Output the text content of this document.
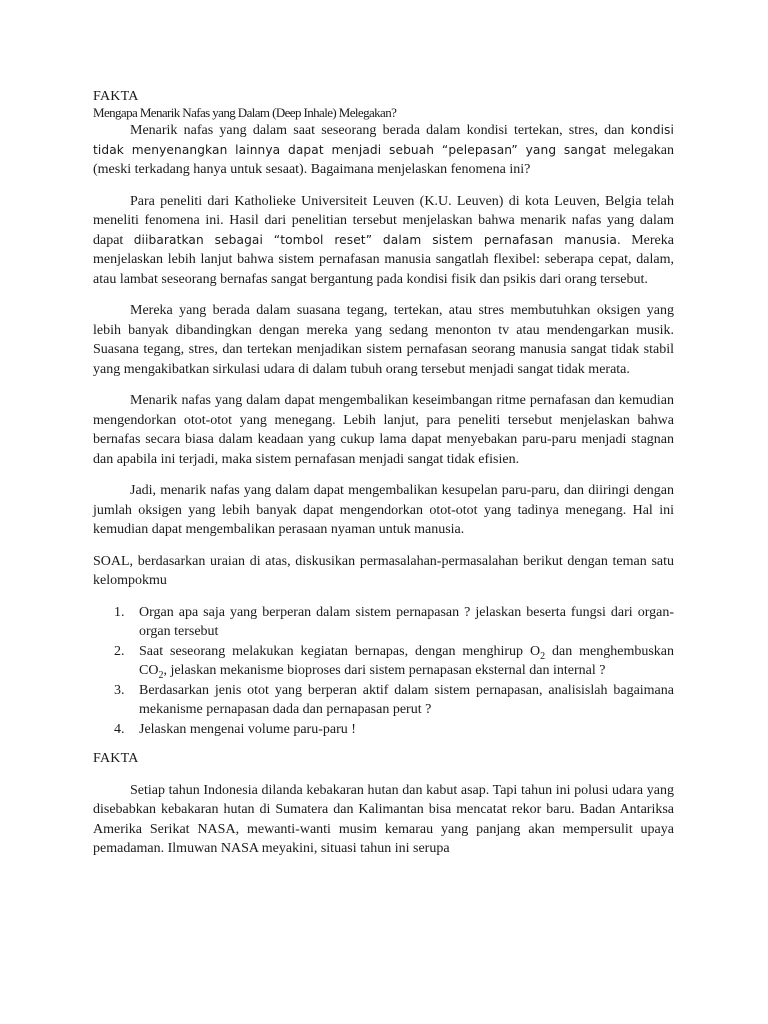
FAKTA

Mengapa Menarik Nafas yang Dalam (Deep Inhale) Melegakan?

Menarik nafas yang dalam saat seseorang berada dalam kondisi tertekan, stres, dan kondisi tidak menyenangkan lainnya dapat menjadi sebuah “pelepasan” yang sangat melegakan (meski terkadang hanya untuk sesaat). Bagaimana menjelaskan fenomena ini?

Para peneliti dari Katholieke Universiteit Leuven (K.U. Leuven) di kota Leuven, Belgia telah meneliti fenomena ini. Hasil dari penelitian tersebut menjelaskan bahwa menarik nafas yang dalam dapat diibaratkan sebagai “tombol reset” dalam sistem pernafasan manusia. Mereka menjelaskan lebih lanjut bahwa sistem pernafasan manusia sangatlah flexibel: seberapa cepat, dalam, atau lambat seseorang bernafas sangat bergantung pada kondisi fisik dan psikis dari orang tersebut.

Mereka yang berada dalam suasana tegang, tertekan, atau stres membutuhkan oksigen yang lebih banyak dibandingkan dengan mereka yang sedang menonton tv atau mendengarkan musik. Suasana tegang, stres, dan tertekan menjadikan sistem pernafasan seorang manusia sangat tidak stabil yang mengakibatkan sirkulasi udara di dalam tubuh orang tersebut menjadi sangat tidak merata.

Menarik nafas yang dalam dapat mengembalikan keseimbangan ritme pernafasan dan kemudian mengendorkan otot-otot yang menegang. Lebih lanjut, para peneliti tersebut menjelaskan bahwa bernafas secara biasa dalam keadaan yang cukup lama dapat menyebakan paru-paru menjadi stagnan dan apabila ini terjadi, maka sistem pernafasan menjadi sangat tidak efisien.

Jadi, menarik nafas yang dalam dapat mengembalikan kesupelan paru-paru, dan diiringi dengan jumlah oksigen yang lebih banyak dapat mengendorkan otot-otot yang tadinya menegang. Hal ini kemudian dapat mengembalikan perasaan nyaman untuk manusia.

SOAL, berdasarkan uraian di atas, diskusikan permasalahan-permasalahan berikut dengan teman satu kelompokmu

1. Organ apa saja yang berperan dalam sistem pernapasan ? jelaskan beserta fungsi dari organ-organ tersebut
2. Saat seseorang melakukan kegiatan bernapas, dengan menghirup $O_2$ dan menghembuskan $CO_2$, jelaskan mekanisme bioproses dari sistem pernapasan eksternal dan internal ?
3. Berdasarkan jenis otot yang berperan aktif dalam sistem pernapasan, analisislah bagaimana mekanisme pernapasan dada dan pernapasan perut ?
4. Jelaskan mengenai volume paru-paru !

FAKTA

Setiap tahun Indonesia dilanda kebakaran hutan dan kabut asap. Tapi tahun ini polusi udara yang disebabkan kebakaran hutan di Sumatera dan Kalimantan bisa mencatat rekor baru. Badan Antariksa Amerika Serikat NASA, mewanti-wanti musim kemarau yang panjang akan mempersulit upaya pemadaman. Ilmuwan NASA meyakini, situasi tahun ini serupa
